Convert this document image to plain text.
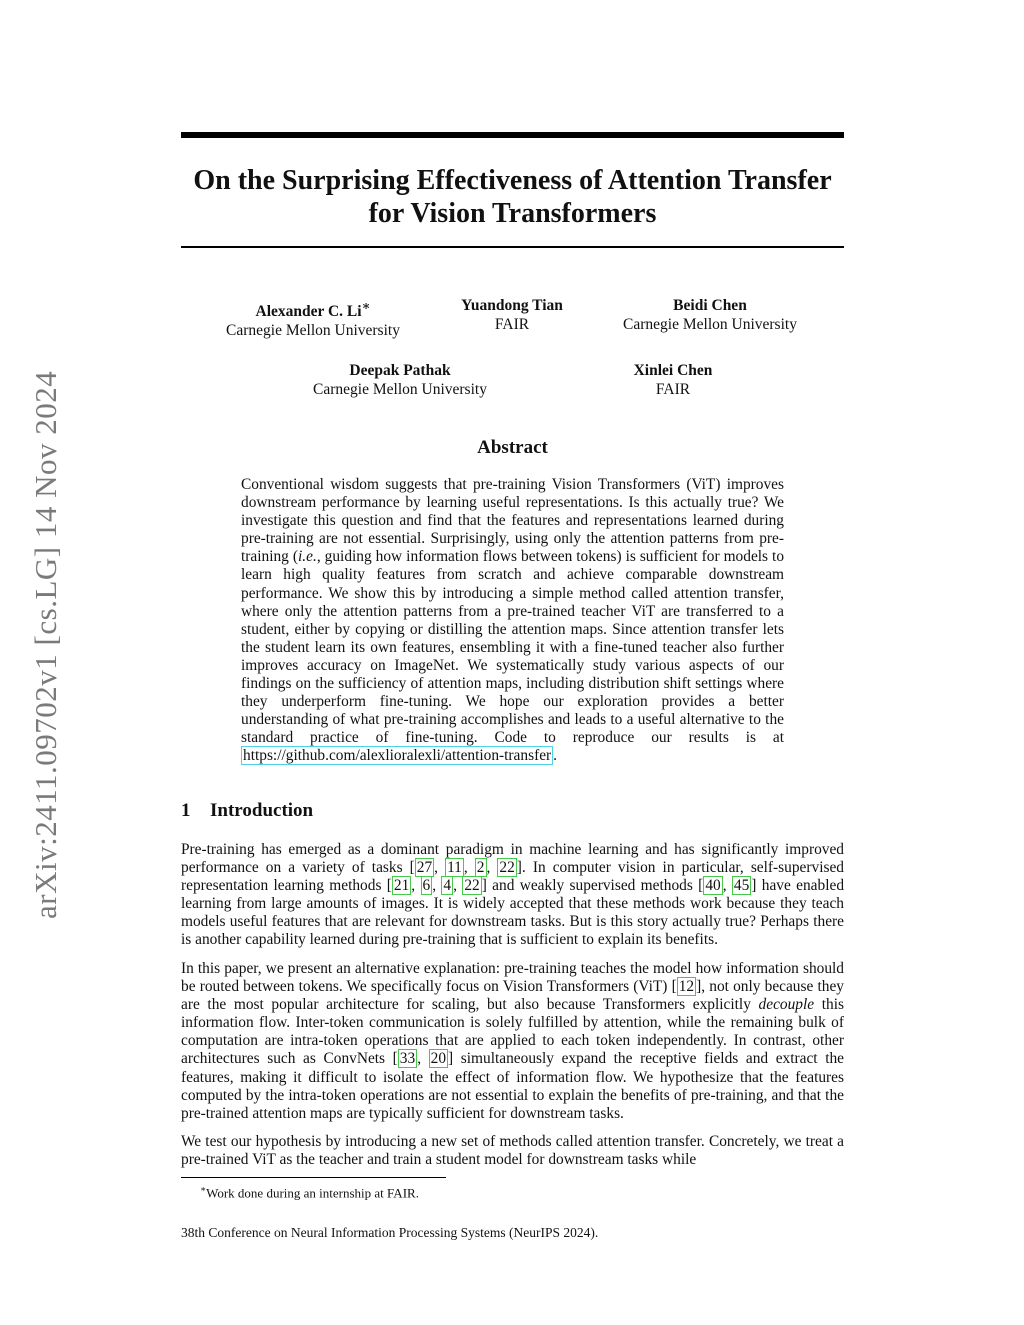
arXiv:2411.09702v1 [cs.LG] 14 Nov 2024
On the Surprising Effectiveness of Attention Transfer for Vision Transformers
Alexander C. Li∗
Carnegie Mellon University
Yuandong Tian
FAIR
Beidi Chen
Carnegie Mellon University
Deepak Pathak
Carnegie Mellon University
Xinlei Chen
FAIR
Abstract

Conventional wisdom suggests that pre-training Vision Transformers (ViT) improves downstream performance by learning useful representations. Is this actually true? We investigate this question and find that the features and representations learned during pre-training are not essential. Surprisingly, using only the attention patterns from pre-training (i.e., guiding how information flows between tokens) is sufficient for models to learn high quality features from scratch and achieve comparable downstream performance. We show this by introducing a simple method called attention transfer, where only the attention patterns from a pre-trained teacher ViT are transferred to a student, either by copying or distilling the attention maps. Since attention transfer lets the student learn its own features, ensembling it with a fine-tuned teacher also further improves accuracy on ImageNet. We systematically study various aspects of our findings on the sufficiency of attention maps, including distribution shift settings where they underperform fine-tuning. We hope our exploration provides a better understanding of what pre-training accomplishes and leads to a useful alternative to the standard practice of fine-tuning. Code to reproduce our results is at https://github.com/alexlioralexli/attention-transfer .

1 Introduction

Pre-training has emerged as a dominant paradigm in machine learning and has significantly improved performance on a variety of tasks [ 27 , 11 , 2 , 22 ]. In computer vision in particular, self-supervised representation learning methods [ 21 , 6 , 4 , 22 ] and weakly supervised methods [ 40 , 45 ] have enabled learning from large amounts of images. It is widely accepted that these methods work because they teach models useful features that are relevant for downstream tasks. But is this story actually true? Perhaps there is another capability learned during pre-training that is sufficient to explain its benefits.

In this paper, we present an alternative explanation: pre-training teaches the model how information should be routed between tokens. We specifically focus on Vision Transformers (ViT) [ 12 ], not only because they are the most popular architecture for scaling, but also because Transformers explicitly decouple this information flow. Inter-token communication is solely fulfilled by attention, while the remaining bulk of computation are intra-token operations that are applied to each token independently. In contrast, other architectures such as ConvNets [ 33 , 20 ] simultaneously expand the receptive fields and extract the features, making it difficult to isolate the effect of information flow. We hypothesize that the features computed by the intra-token operations are not essential to explain the benefits of pre-training, and that the pre-trained attention maps are typically sufficient for downstream tasks.

We test our hypothesis by introducing a new set of methods called attention transfer. Concretely, we treat a pre-trained ViT as the teacher and train a student model for downstream tasks while

∗Work done during an internship at FAIR.

38th Conference on Neural Information Processing Systems (NeurIPS 2024).
